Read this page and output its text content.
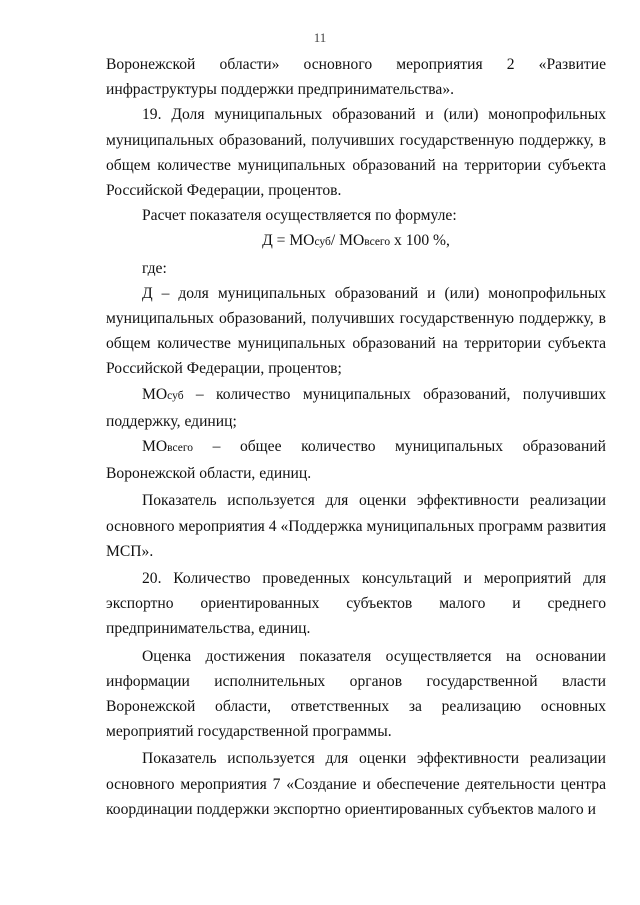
11

Воронежской области» основного мероприятия 2 «Развитие инфраструктуры поддержки предпринимательства».

19. Доля муниципальных образований и (или) монопрофильных муниципальных образований, получивших государственную поддержку, в общем количестве муниципальных образований на территории субъекта Российской Федерации, процентов.

Расчет показателя осуществляется по формуле:

Д = МОсуб/ МОвсего х 100 %,

где:

Д – доля муниципальных образований и (или) монопрофильных муниципальных образований, получивших государственную поддержку, в общем количестве муниципальных образований на территории субъекта Российской Федерации, процентов;

МОсуб – количество муниципальных образований, получивших поддержку, единиц;

МОвсего – общее количество муниципальных образований Воронежской области, единиц.

Показатель используется для оценки эффективности реализации основного мероприятия 4 «Поддержка муниципальных программ развития МСП».

20. Количество проведенных консультаций и мероприятий для экспортно ориентированных субъектов малого и среднего предпринимательства, единиц.

Оценка достижения показателя осуществляется на основании информации исполнительных органов государственной власти Воронежской области, ответственных за реализацию основных мероприятий государственной программы.

Показатель используется для оценки эффективности реализации основного мероприятия 7 «Создание и обеспечение деятельности центра координации поддержки экспортно ориентированных субъектов малого и
